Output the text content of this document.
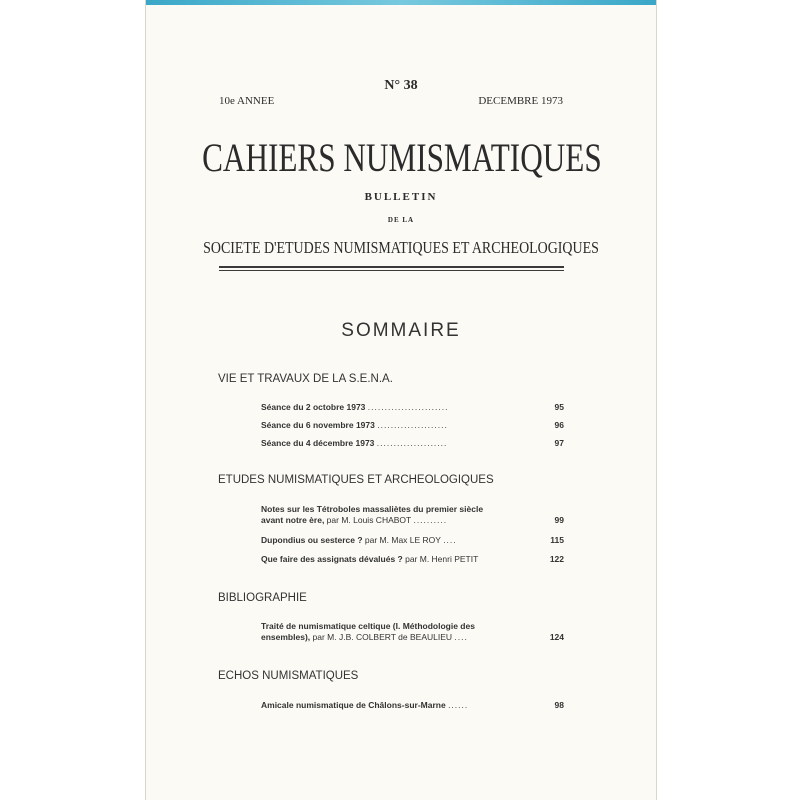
N° 38
10e ANNEE	DECEMBRE 1973
CAHIERS NUMISMATIQUES
BULLETIN
DE LA
SOCIETE D'ETUDES NUMISMATIQUES ET ARCHEOLOGIQUES
SOMMAIRE
VIE ET TRAVAUX DE LA S.E.N.A.
Séance du 2 octobre 1973 ........................	95
Séance du 6 novembre 1973 .....................	96
Séance du 4 décembre 1973 .....................	97
ETUDES NUMISMATIQUES ET ARCHEOLOGIQUES
Notes sur les Tétroboles massaliètes du premier siècle
avant notre ère, par M. Louis CHABOT ..........	99
Dupondius ou sesterce ? par M. Max LE ROY ....	115
Que faire des assignats dévalués ? par M. Henri PETIT	122
BIBLIOGRAPHIE
Traité de numismatique celtique (I. Méthodologie des
ensembles), par M. J.B. COLBERT de BEAULIEU ....	124
ECHOS NUMISMATIQUES
Amicale numismatique de Châlons-sur-Marne ......	98
